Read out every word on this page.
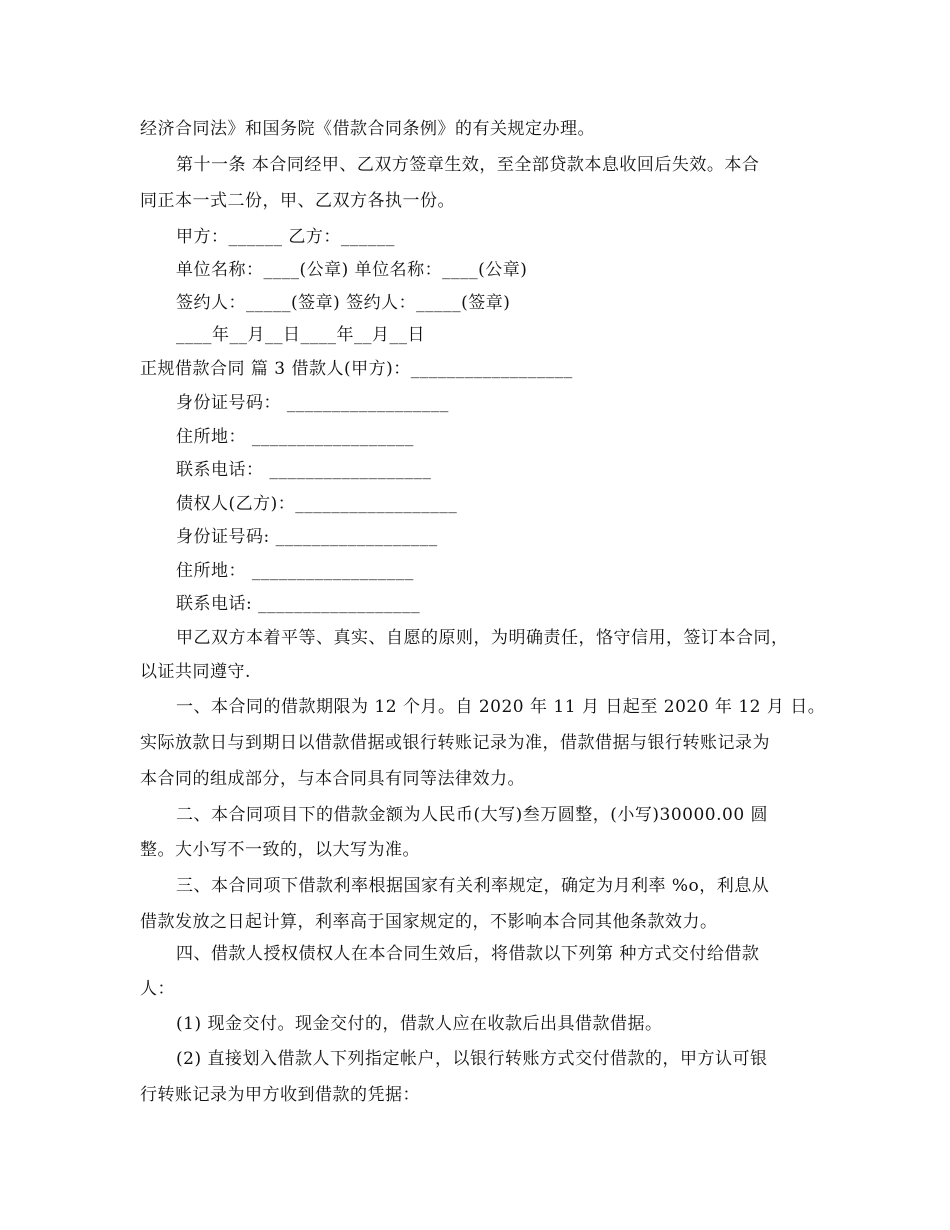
经济合同法》和国务院《借款合同条例》的有关规定办理。
第十一条 本合同经甲、乙双方签章生效，至全部贷款本息收回后失效。本合
同正本一式二份，甲、乙双方各执一份。
甲方：______ 乙方：______
单位名称：____(公章) 单位名称：____(公章)
签约人：_____(签章) 签约人：_____(签章)
____年__月__日____年__月__日
正规借款合同 篇 3 借款人(甲方)：__________________
身份证号码： __________________
住所地： __________________
联系电话： __________________
债权人(乙方)：__________________
身份证号码: __________________
住所地： __________________
联系电话: __________________
甲乙双方本着平等、真实、自愿的原则，为明确责任，恪守信用，签订本合同，
以证共同遵守.
一、本合同的借款期限为 12 个月。自 2020 年 11 月 日起至 2020 年 12 月 日。
实际放款日与到期日以借款借据或银行转账记录为准，借款借据与银行转账记录为
本合同的组成部分，与本合同具有同等法律效力。
二、本合同项目下的借款金额为人民币(大写)叁万圆整，(小写)30000.00 圆
整。大小写不一致的，以大写为准。
三、本合同项下借款利率根据国家有关利率规定，确定为月利率 %o，利息从
借款发放之日起计算，利率高于国家规定的，不影响本合同其他条款效力。
四、借款人授权债权人在本合同生效后，将借款以下列第 种方式交付给借款
人：
(1) 现金交付。现金交付的，借款人应在收款后出具借款借据。
(2) 直接划入借款人下列指定帐户，以银行转账方式交付借款的，甲方认可银
行转账记录为甲方收到借款的凭据：
